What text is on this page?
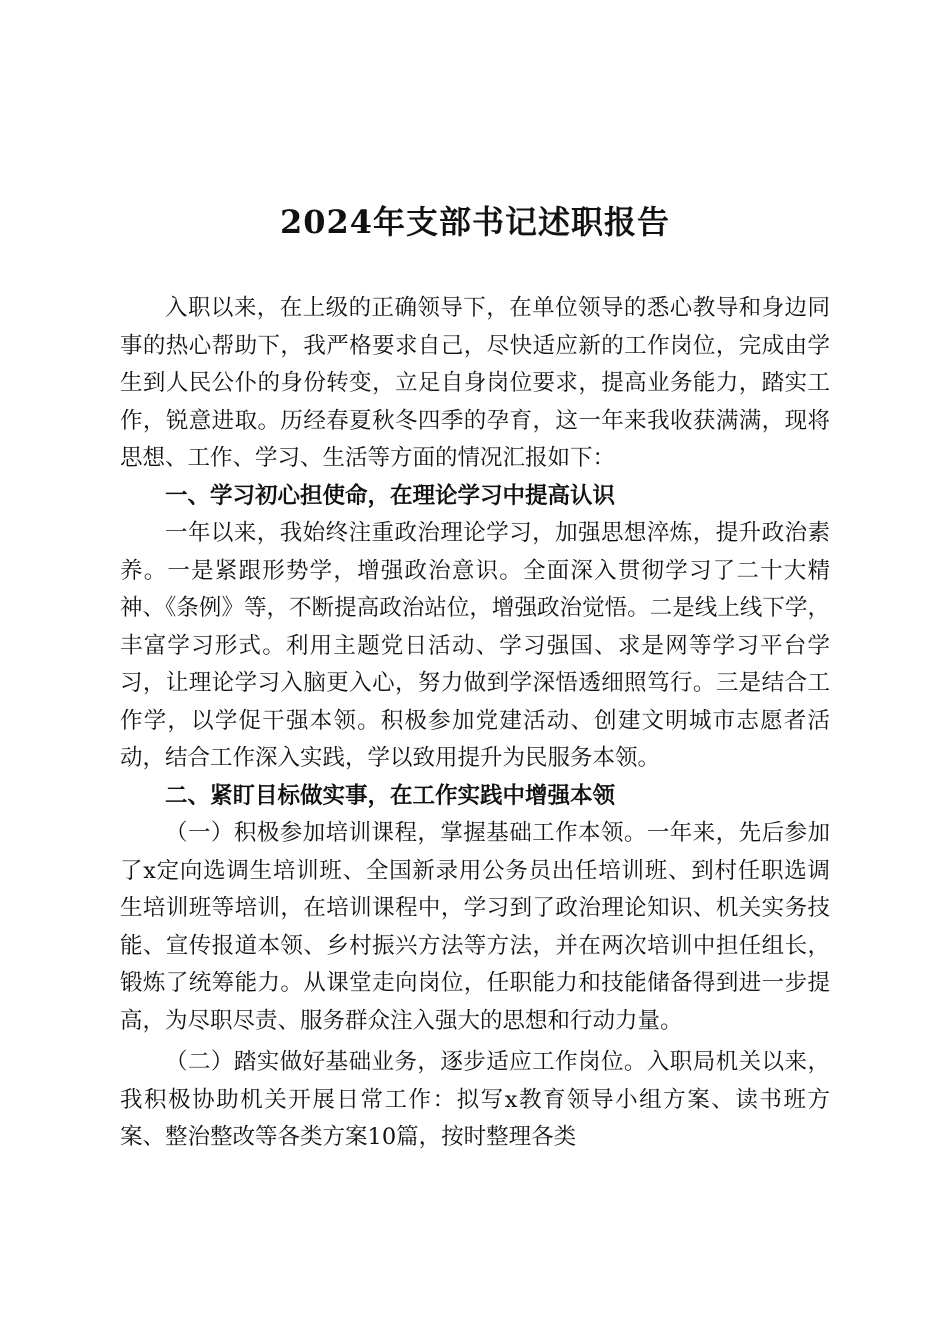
2024年支部书记述职报告

入职以来，在上级的正确领导下，在单位领导的悉心教导和身边同事的热心帮助下，我严格要求自己，尽快适应新的工作岗位，完成由学生到人民公仆的身份转变，立足自身岗位要求，提高业务能力，踏实工作，锐意进取。历经春夏秋冬四季的孕育，这一年来我收获满满，现将思想、工作、学习、生活等方面的情况汇报如下：

一、学习初心担使命，在理论学习中提高认识

一年以来，我始终注重政治理论学习，加强思想淬炼，提升政治素养。一是紧跟形势学，增强政治意识。全面深入贯彻学习了二十大精神、《条例》等，不断提高政治站位，增强政治觉悟。二是线上线下学，丰富学习形式。利用主题党日活动、学习强国、求是网等学习平台学习，让理论学习入脑更入心，努力做到学深悟透细照笃行。三是结合工作学，以学促干强本领。积极参加党建活动、创建文明城市志愿者活动，结合工作深入实践，学以致用提升为民服务本领。

二、紧盯目标做实事，在工作实践中增强本领

（一）积极参加培训课程，掌握基础工作本领。一年来，先后参加了x定向选调生培训班、全国新录用公务员出任培训班、到村任职选调生培训班等培训，在培训课程中，学习到了政治理论知识、机关实务技能、宣传报道本领、乡村振兴方法等方法，并在两次培训中担任组长，锻炼了统筹能力。从课堂走向岗位，任职能力和技能储备得到进一步提高，为尽职尽责、服务群众注入强大的思想和行动力量。

（二）踏实做好基础业务，逐步适应工作岗位。入职局机关以来，我积极协助机关开展日常工作：拟写x教育领导小组方案、读书班方案、整治整改等各类方案10篇，按时整理各类
